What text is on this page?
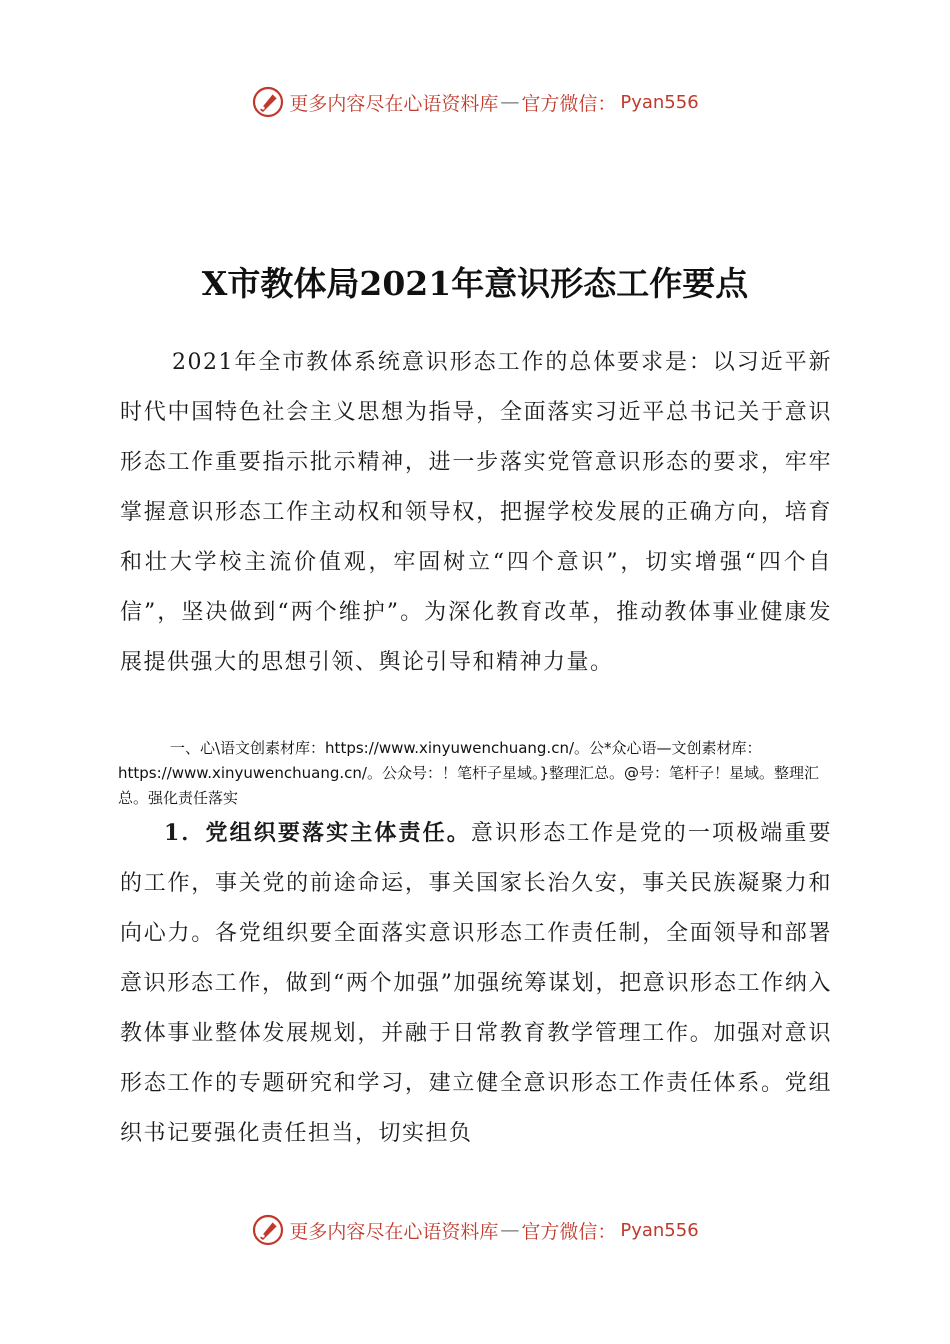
更多内容尽在心语资料库 — 官方微信： Pyan556
X市教体局2021年意识形态工作要点

2021年全市教体系统意识形态工作的总体要求是：以习近平新时代中国特色社会主义思想为指导，全面落实习近平总书记关于意识形态工作重要指示批示精神，进一步落实党管意识形态的要求，牢牢掌握意识形态工作主动权和领导权，把握学校发展的正确方向，培育和壮大学校主流价值观，牢固树立“四个意识”，切实增强“四个自信”，坚决做到“两个维护”。为深化教育改革，推动教体事业健康发展提供强大的思想引领、舆论引导和精神力量。

一、心\语文创素材库：https://www.xinyuwenchuang.cn/。公*众心语—文创素材库：https://www.xinyuwenchuang.cn/。公众号：！笔杆子星域。}整理汇总。@号：笔杆子！星域。整理汇总。强化责任落实

1．党组织要落实主体责任。意识形态工作是党的一项极端重要的工作，事关党的前途命运，事关国家长治久安，事关民族凝聚力和向心力。各党组织要全面落实意识形态工作责任制，全面领导和部署意识形态工作，做到“两个加强”加强统筹谋划，把意识形态工作纳入教体事业整体发展规划，并融于日常教育教学管理工作。加强对意识形态工作的专题研究和学习，建立健全意识形态工作责任体系。党组织书记要强化责任担当，切实担负

更多内容尽在心语资料库 — 官方微信： Pyan556
